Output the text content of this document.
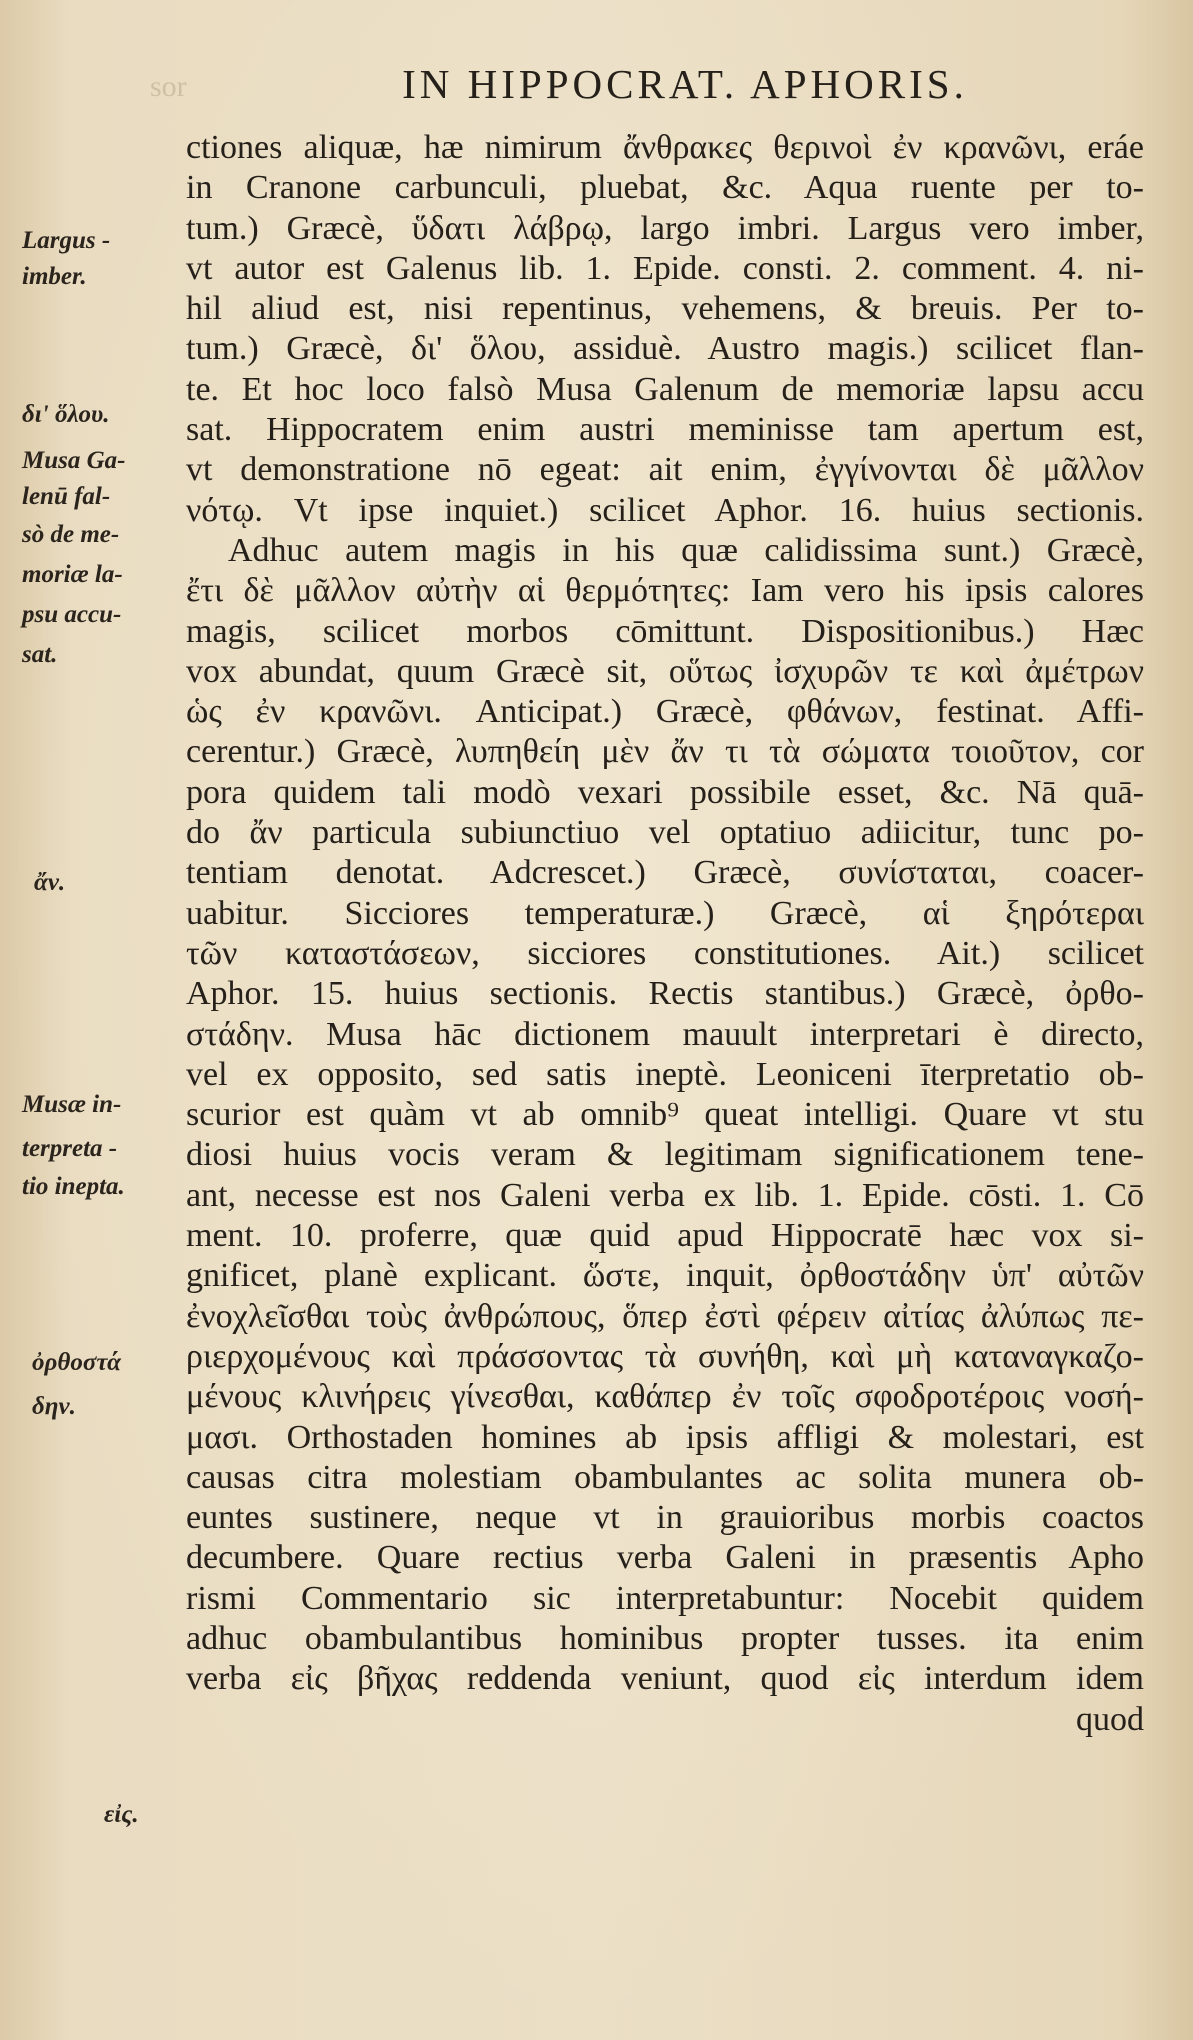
sor	IN HIPPOCRAT. APHORIS.
ctiones aliquæ, hæ nimirum ἄνθρακες θερινοὶ ἐν κρανῶνι, eráe
in Cranone carbunculi, pluebat, &c. Aqua ruente per to-
tum.) Græcè, ὕδατι λάβρῳ, largo imbri. Largus vero imber,
vt autor est Galenus lib. 1. Epide. consti. 2. comment. 4. ni-
hil aliud est, nisi repentinus, vehemens, & breuis. Per to-
tum.) Græcè, δι' ὅλου, assiduè. Austro magis.) scilicet flan-
te. Et hoc loco falsò Musa Galenum de memoriæ lapsu accu
sat. Hippocratem enim austri meminisse tam apertum est,
vt demonstratione nō egeat: ait enim, ἐγγίνονται δὲ μᾶλλον
νότῳ. Vt ipse inquiet.) scilicet Aphor. 16. huius sectionis.
Adhuc autem magis in his quæ calidissima sunt.) Græcè,
ἔτι δὲ μᾶλλον αὐτὴν αἱ θερμότητες: Iam vero his ipsis calores
magis, scilicet morbos cōmittunt. Dispositionibus.) Hæc
vox abundat, quum Græcè sit, οὕτως ἰσχυρῶν τε καὶ ἀμέτρων
ὡς ἐν κρανῶνι. Anticipat.) Græcè, φθάνων, festinat. Affi-
cerentur.) Græcè, λυπηθείη μὲν ἄν τι τὰ σώματα τοιοῦτον, cor
pora quidem tali modò vexari possibile esset, &c. Nā quā-
do ἄν particula subiunctiuo vel optatiuo adiicitur, tunc po-
tentiam denotat. Adcrescet.) Græcè, συνίσταται, coacer-
uabitur. Sicciores temperaturæ.) Græcè, αἱ ξηρότεραι
τῶν καταστάσεων, sicciores constitutiones. Ait.) scilicet
Aphor. 15. huius sectionis. Rectis stantibus.) Græcè, ὀρθο-
στάδην. Musa hāc dictionem mauult interpretari è directo,
vel ex opposito, sed satis ineptè. Leoniceni īterpretatio ob-
scurior est quàm vt ab omnib⁹ queat intelligi. Quare vt stu
diosi huius vocis veram & legitimam significationem tene-
ant, necesse est nos Galeni verba ex lib. 1. Epide. cōsti. 1. Cō
ment. 10. proferre, quæ quid apud Hippocratē hæc vox si-
gnificet, planè explicant. ὥστε, inquit, ὀρθοστάδην ὑπ' αὐτῶν
ἐνοχλεῖσθαι τοὺς ἀνθρώπους, ὅπερ ἐστὶ φέρειν αἰτίας ἀλύπως πε-
ριερχομένους καὶ πράσσοντας τὰ συνήθη, καὶ μὴ καταναγκαζο-
μένους κλινήρεις γίνεσθαι, καθάπερ ἐν τοῖς σφοδροτέροις νοσή-
μασι. Orthostaden homines ab ipsis affligi & molestari, est
causas citra molestiam obambulantes ac solita munera ob-
euntes sustinere, neque vt in grauioribus morbis coactos
decumbere. Quare rectius verba Galeni in præsentis Apho
rismi Commentario sic interpretabuntur: Nocebit quidem
adhuc obambulantibus hominibus propter tusses. ita enim
verba εἰς βῆχας reddenda veniunt, quod εἰς interdum idem
quod
Largus -
imber.
δι' ὅλου.
Musa Ga-
lenū fal-
sò de me-
moriæ la-
psu accu-
sat.
ἄν.
Musæ in-
terpreta -
tio inepta.
ὀρθοστά
δην.
εἰς.
